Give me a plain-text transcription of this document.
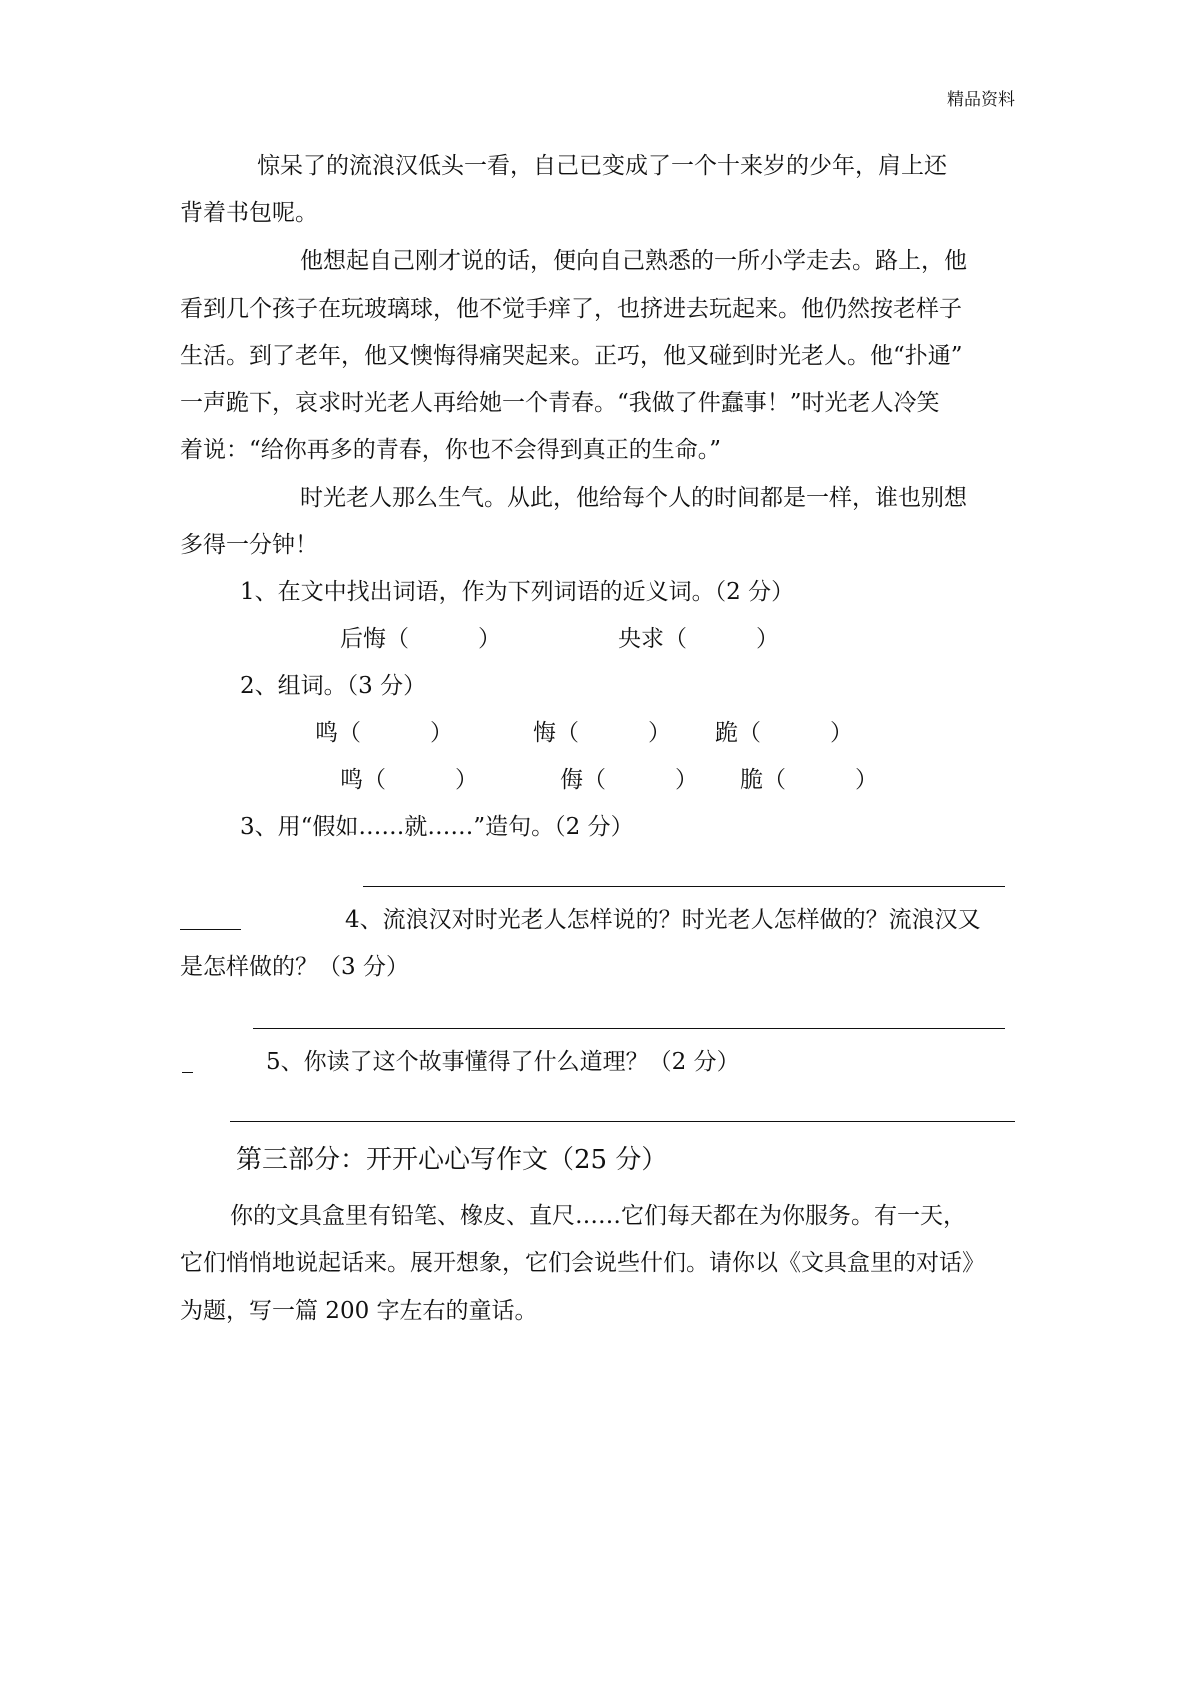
精品资料
惊呆了的流浪汉低头一看，自己已变成了一个十来岁的少年，肩上还
背着书包呢。
他想起自己刚才说的话，便向自己熟悉的一所小学走去。路上，他
看到几个孩子在玩玻璃球，他不觉手痒了，也挤进去玩起来。他仍然按老样子
生活。到了老年，他又懊悔得痛哭起来。正巧，他又碰到时光老人。他“扑通”
一声跪下，哀求时光老人再给她一个青春。“我做了件蠢事！”时光老人冷笑
着说：“给你再多的青春，你也不会得到真正的生命。”
时光老人那么生气。从此，他给每个人的时间都是一样，谁也别想
多得一分钟！
1、在文中找出词语，作为下列词语的近义词。（2 分）
后悔（　　　）	央求（　　　）
2、组词。（3 分）
鸣（　　　）	悔（　　　） 跪（　　　）
鸣（　　　）	侮（　　　） 脆（　　　）
3、用“假如……就……”造句。（2 分）
4、流浪汉对时光老人怎样说的？时光老人怎样做的？流浪汉又
是怎样做的？（3 分）
5、你读了这个故事懂得了什么道理？（2 分）
第三部分：开开心心写作文（25 分）
你的文具盒里有铅笔、橡皮、直尺……它们每天都在为你服务。有一天，
它们悄悄地说起话来。展开想象，它们会说些什们。请你以《文具盒里的对话》
为题，写一篇 200 字左右的童话。
